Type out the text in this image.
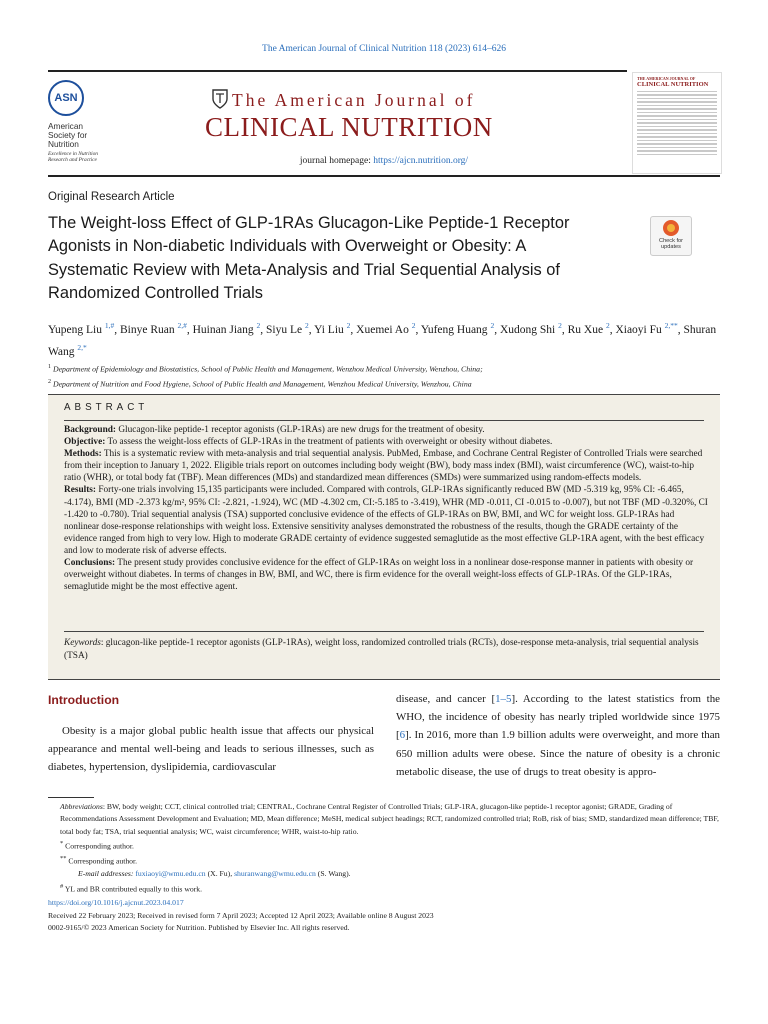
The American Journal of Clinical Nutrition 118 (2023) 614–626
ASN
American
Society for
Nutrition
Excellence in Nutrition Research and Practice
The American Journal of
CLINICAL NUTRITION
journal homepage: https://ajcn.nutrition.org/
THE AMERICAN JOURNAL OF
CLINICAL NUTRITION
Original Research Article
The Weight-loss Effect of GLP-1RAs Glucagon-Like Peptide-1 Receptor Agonists in Non-diabetic Individuals with Overweight or Obesity: A Systematic Review with Meta-Analysis and Trial Sequential Analysis of Randomized Controlled Trials
Check for updates
Yupeng Liu $^{1,\#}$, Binye Ruan $^{2,\#}$, Huinan Jiang $^2$, Siyu Le $^2$, Yi Liu $^2$, Xuemei Ao $^2$, Yufeng Huang $^2$, Xudong Shi $^2$, Ru Xue $^2$, Xiaoyi Fu $^{2,**}$, Shuran Wang $^{2,*}$
$^1$ Department of Epidemiology and Biostatistics, School of Public Health and Management, Wenzhou Medical University, Wenzhou, China;
$^2$ Department of Nutrition and Food Hygiene, School of Public Health and Management, Wenzhou Medical University, Wenzhou, China
ABSTRACT

Background: Glucagon-like peptide-1 receptor agonists (GLP-1RAs) are new drugs for the treatment of obesity.

Objective: To assess the weight-loss effects of GLP-1RAs in the treatment of patients with overweight or obesity without diabetes.

Methods: This is a systematic review with meta-analysis and trial sequential analysis. PubMed, Embase, and Cochrane Central Register of Controlled Trials were searched from their inception to January 1, 2022. Eligible trials report on outcomes including body weight (BW), body mass index (BMI), waist circumference (WC), waist-to-hip ratio (WHR), or total body fat (TBF). Mean differences (MDs) and standardized mean differences (SMDs) were summarized using random-effects models.

Results: Forty-one trials involving 15,135 participants were included. Compared with controls, GLP-1RAs significantly reduced BW (MD -5.319 kg, 95% CI: -6.465, -4.174), BMI (MD -2.373 kg/m², 95% CI: -2.821, -1.924), WC (MD -4.302 cm, CI:-5.185 to -3.419), WHR (MD -0.011, CI -0.015 to -0.007), but not TBF (MD -0.320%, CI -1.420 to -0.780). Trial sequential analysis (TSA) supported conclusive evidence of the effects of GLP-1RAs on BW, BMI, and WC for weight loss. GLP-1RAs had nonlinear dose-response relationships with weight loss. Extensive sensitivity analyses demonstrated the robustness of the results, though the GRADE certainty of the evidence ranged from high to very low. High to moderate GRADE certainty of evidence suggested semaglutide as the most effective GLP-1RA agent, with the best efficacy and low to moderate risk of adverse effects.

Conclusions: The present study provides conclusive evidence for the effect of GLP-1RAs on weight loss in a nonlinear dose-response manner in patients with obesity or overweight without diabetes. In terms of changes in BW, BMI, and WC, there is firm evidence for the overall weight-loss effects of GLP-1RAs. Of the GLP-1RAs, semaglutide might be the most effective agent.

Keywords: glucagon-like peptide-1 receptor agonists (GLP-1RAs), weight loss, randomized controlled trials (RCTs), dose-response meta-analysis, trial sequential analysis (TSA)
Introduction
Obesity is a major global public health issue that affects our physical appearance and mental well-being and leads to serious illnesses, such as diabetes, hypertension, dyslipidemia, cardiovascular
disease, and cancer [1–5]. According to the latest statistics from the WHO, the incidence of obesity has nearly tripled worldwide since 1975 [6]. In 2016, more than 1.9 billion adults were overweight, and more than 650 million adults were obese. Since the nature of obesity is a chronic metabolic disease, the use of drugs to treat obesity is appro-
Abbreviations: BW, body weight; CCT, clinical controlled trial; CENTRAL, Cochrane Central Register of Controlled Trials; GLP-1RA, glucagon-like peptide-1 receptor agonist; GRADE, Grading of Recommendations Assessment Development and Evaluation; MD, Mean difference; MeSH, medical subject headings; RCT, randomized controlled trial; RoB, risk of bias; SMD, standardized mean difference; TBF, total body fat; TSA, trial sequential analysis; WC, waist circumference; WHR, waist-to-hip ratio.
* Corresponding author.
** Corresponding author.
E-mail addresses: fuxiaoyi@wmu.edu.cn (X. Fu), shuranwang@wmu.edu.cn (S. Wang).
# YL and BR contributed equally to this work.
https://doi.org/10.1016/j.ajcnut.2023.04.017
Received 22 February 2023; Received in revised form 7 April 2023; Accepted 12 April 2023; Available online 8 August 2023
0002-9165/© 2023 American Society for Nutrition. Published by Elsevier Inc. All rights reserved.
